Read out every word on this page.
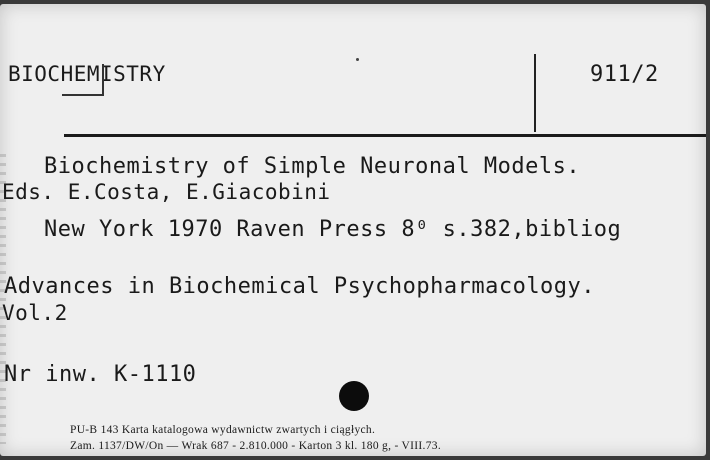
BIOCHEMISTRY	911/2
Biochemistry of Simple Neuronal Models.
Eds. E.Costa, E.Giacobini
New York 1970 Raven Press 8⁰ s.382,bibliog
Advances in Biochemical Psychopharmacology.
Vol.2
Nr inw. K-1110
PU-B 143 Karta katalogowa wydawnictw zwartych i ciągłych.
Zam. 1137/DW/On — Wrak 687 - 2.810.000 - Karton 3 kl. 180 g, - VIII.73.
